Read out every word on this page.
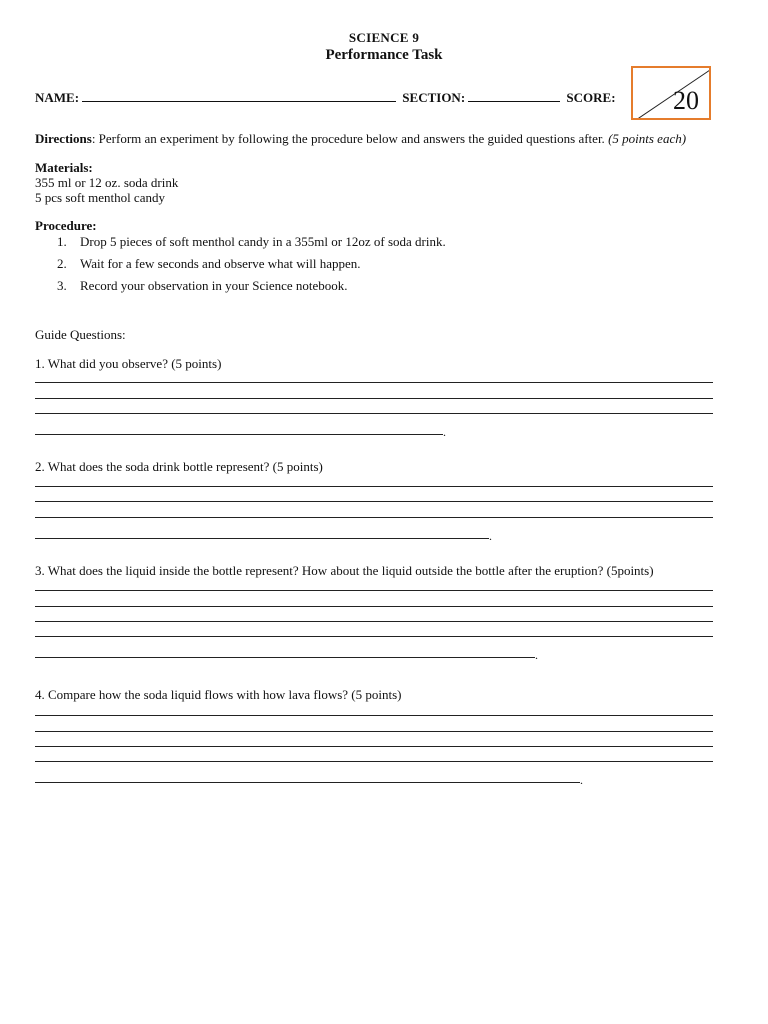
SCIENCE 9
Performance Task
NAME:	SECTION:	SCORE:	20
Directions: Perform an experiment by following the procedure below and answers the guided questions after. (5 points each)
Materials:
355 ml or 12 oz. soda drink
5 pcs soft menthol candy
Procedure:
1. Drop 5 pieces of soft menthol candy in a 355ml or 12oz of soda drink.
2. Wait for a few seconds and observe what will happen.
3. Record your observation in your Science notebook.
Guide Questions:
1. What did you observe? (5 points)
.
2. What does the soda drink bottle represent? (5 points)
.
3. What does the liquid inside the bottle represent? How about the liquid outside the bottle after the eruption? (5points)
.
4. Compare how the soda liquid flows with how lava flows? (5 points)
.
